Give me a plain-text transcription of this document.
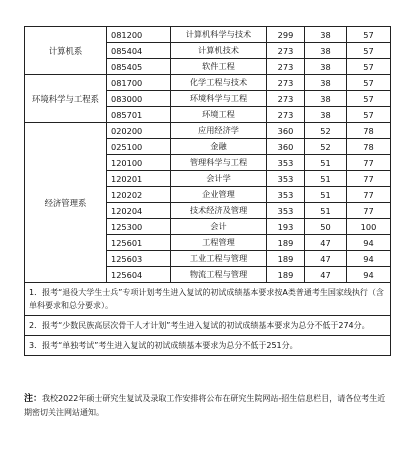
计算机系	081200	计算机科学与技术	299	38	57
	085404	计算机技术	273	38	57
	085405	软件工程	273	38	57
环境科学与工程系	081700	化学工程与技术	273	38	57
	083000	环境科学与工程	273	38	57
	085701	环境工程	273	38	57
经济管理系	020200	应用经济学	360	52	78
	025100	金融	360	52	78
	120100	管理科学与工程	353	51	77
	120201	会计学	353	51	77
	120202	企业管理	353	51	77
	120204	技术经济及管理	353	51	77
	125300	会计	193	50	100
	125601	工程管理	189	47	94
	125603	工业工程与管理	189	47	94
	125604	物流工程与管理	189	47	94
1．报考“退役大学生士兵”专项计划考生进入复试的初试成绩基本要求按A类普通考生国家线执行（含单科要求和总分要求）。					
2．报考“少数民族高层次骨干人才计划”考生进入复试的初试成绩基本要求为总分不低于274分。					
3．报考“单独考试”考生进入复试的初试成绩基本要求为总分不低于251分。					
注：我校2022年硕士研究生复试及录取工作安排将公布在研究生院网站-招生信息栏目，请各位考生近期密切关注网站通知。
